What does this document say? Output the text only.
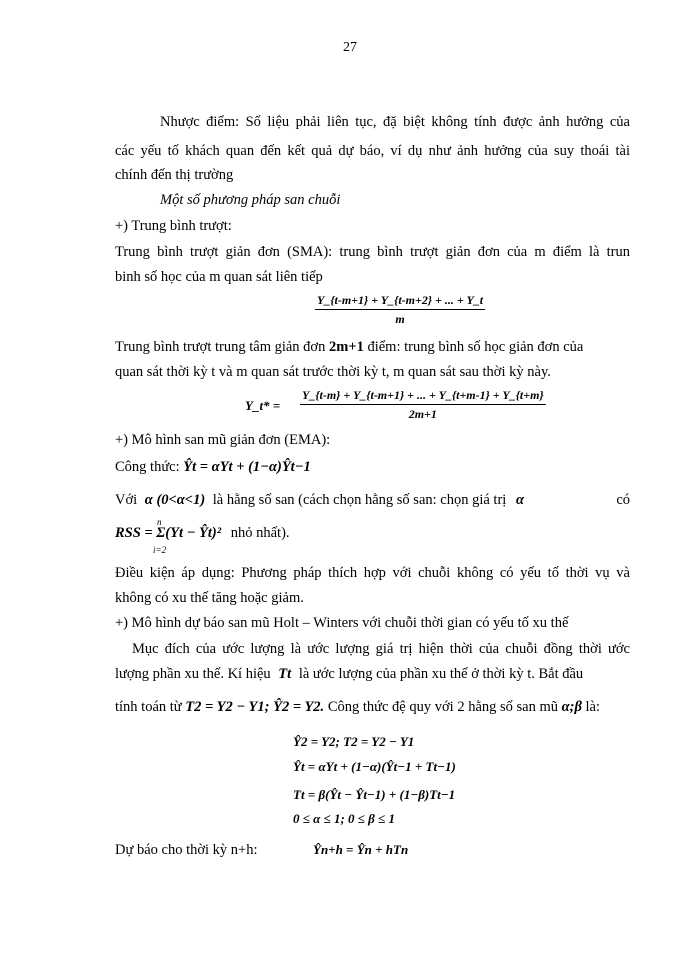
27
Nhược điểm: Số liệu phải liên tục, đặ biệt không tính được ảnh hưởng của
các yếu tố khách quan đến kết quả dự báo, ví dụ như ảnh hưởng của suy thoái tài
chính đến thị trường
Một số phương pháp san chuỗi
+) Trung bình trượt:
Trung bình trượt giản đơn (SMA): trung bình trượt giản đơn của m điểm là trun
binh số học của m quan sát liên tiếp
$\frac{Y\_\{t-m+1\} + Y\_\{t-m+2\} + ... + Y\_t}{m}$
Trung bình trượt trung tâm giản đơn 2m+1 điểm: trung bình số học giản đơn của
quan sát thời kỳ t và m quan sát trước thời kỳ t, m quan sát sau thời kỳ này.
Y_t* = $\frac{Y\_\{t-m\} + Y\_\{t-m+1\} + ... + Y\_\{t+m-1\} + Y\_\{t+m\}}{2m+1}$
+) Mô hình san mũ giản đơn (EMA):
Công thức: Ŷt = αYt + (1−α)Ŷt−1
Với α (0<α<1) là hằng số san (cách chọn hằng số san: chọn giá trị α	có
RSS = Σ(Yt − Ŷt)²
n
i=2
nhỏ nhất).
Điều kiện áp dụng: Phương pháp thích hợp với chuỗi không có yếu tố thời vụ và
không có xu thế tăng hoặc giảm.
+) Mô hình dự báo san mũ Holt – Winters với chuỗi thời gian có yếu tố xu thế
Mục đích của ước lượng là ước lượng giá trị hiện thời của chuỗi đồng thời ước
lượng phần xu thế. Kí hiệu Tt là ước lượng của phần xu thế ở thời kỳ t. Bắt đầu
tính toán từ T2 = Y2 − Y1; Ŷ2 = Y2. Công thức đệ quy với 2 hằng số san mũ α;β là:
Ŷ2 = Y2; T2 = Y2 − Y1
Ŷt = αYt + (1−α)(Ŷt−1 + Tt−1)
Tt = β(Ŷt − Ŷt−1) + (1−β)Tt−1
0 ≤ α ≤ 1; 0 ≤ β ≤ 1
Dự báo cho thời kỳ n+h:	Ŷn+h = Ŷn + hTn
